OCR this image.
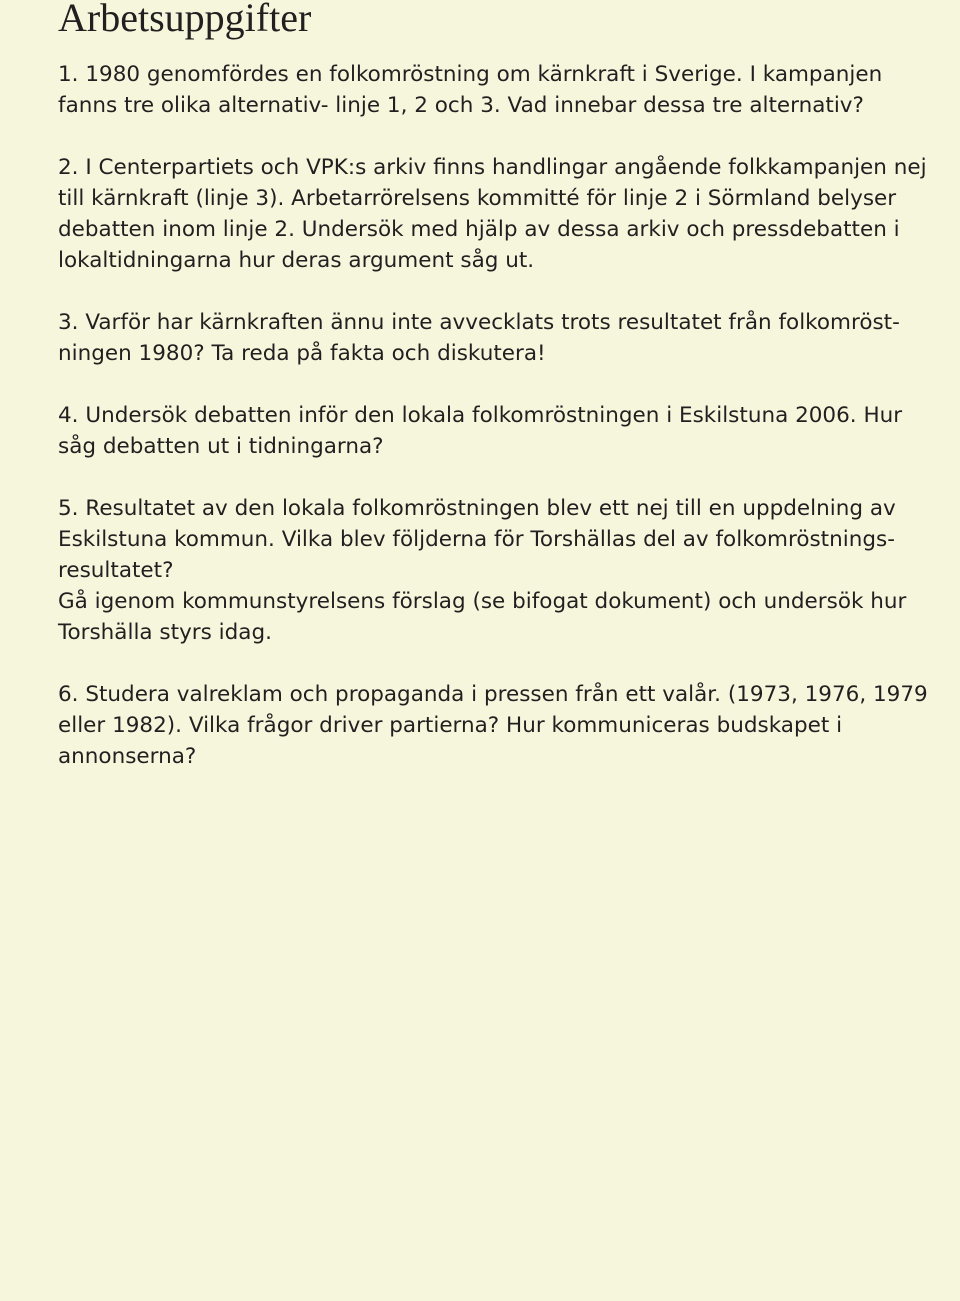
Arbetsuppgifter

1. 1980 genomfördes en folkomröstning om kärnkraft i Sverige. I kampanjen
fanns tre olika alternativ- linje 1, 2 och 3. Vad innebar dessa tre alternativ?

2. I Centerpartiets och VPK:s arkiv finns handlingar angående folkkampanjen nej
till kärnkraft (linje 3). Arbetarrörelsens kommitté för linje 2 i Sörmland belyser
debatten inom linje 2. Undersök med hjälp av dessa arkiv och pressdebatten i
lokaltidningarna hur deras argument såg ut.

3. Varför har kärnkraften ännu inte avvecklats trots resultatet från folkomröst-
ningen 1980? Ta reda på fakta och diskutera!

4. Undersök debatten inför den lokala folkomröstningen i Eskilstuna 2006. Hur
såg debatten ut i tidningarna?

5. Resultatet av den lokala folkomröstningen blev ett nej till en uppdelning av
Eskilstuna kommun. Vilka blev följderna för Torshällas del av folkomröstnings-
resultatet?
Gå igenom kommunstyrelsens förslag (se bifogat dokument) och undersök hur
Torshälla styrs idag.

6. Studera valreklam och propaganda i pressen från ett valår. (1973, 1976, 1979
eller 1982). Vilka frågor driver partierna? Hur kommuniceras budskapet i
annonserna?
